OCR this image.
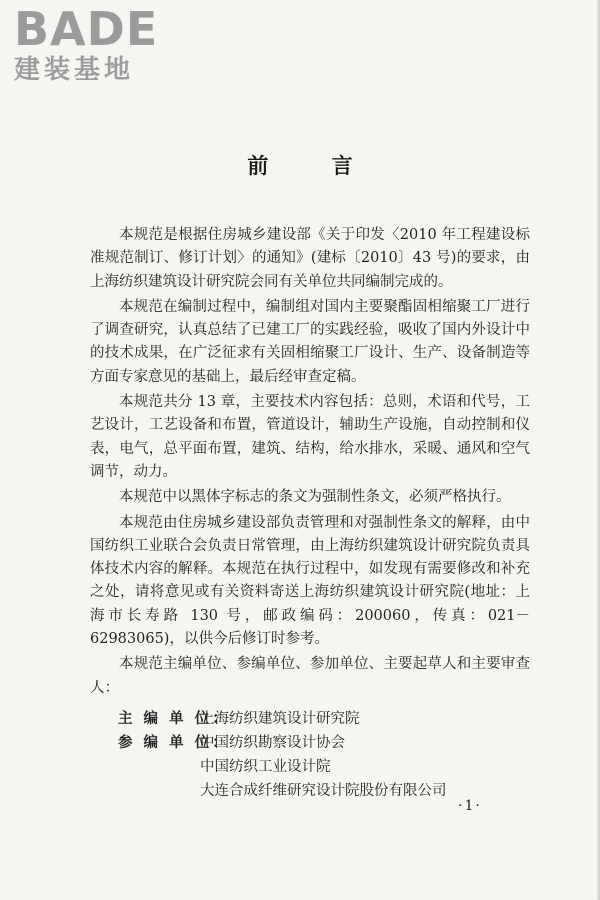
BADE
建装基地
前 言

本规范是根据住房城乡建设部《关于印发〈2010 年工程建设标准规范制订、修订计划〉的通知》(建标〔2010〕43 号)的要求，由上海纺织建筑设计研究院会同有关单位共同编制完成的。

本规范在编制过程中，编制组对国内主要聚酯固相缩聚工厂进行了调查研究，认真总结了已建工厂的实践经验，吸收了国内外设计中的技术成果，在广泛征求有关固相缩聚工厂设计、生产、设备制造等方面专家意见的基础上，最后经审查定稿。

本规范共分 13 章，主要技术内容包括：总则，术语和代号，工艺设计，工艺设备和布置，管道设计，辅助生产设施，自动控制和仪表，电气，总平面布置，建筑、结构，给水排水，采暖、通风和空气调节，动力。

本规范中以黑体字标志的条文为强制性条文，必须严格执行。

本规范由住房城乡建设部负责管理和对强制性条文的解释，由中国纺织工业联合会负责日常管理，由上海纺织建筑设计研究院负责具体技术内容的解释。本规范在执行过程中，如发现有需要修改和补充之处，请将意见或有关资料寄送上海纺织建筑设计研究院(地址：上海市长寿路 130 号，邮政编码：200060，传真：021－62983065)，以供今后修订时参考。

本规范主编单位、参编单位、参加单位、主要起草人和主要审查人：

主 编 单 位：
上海纺织建筑设计研究院
参 编 单 位：
中国纺织勘察设计协会
中国纺织工业设计院
大连合成纤维研究设计院股份有限公司
·1·
